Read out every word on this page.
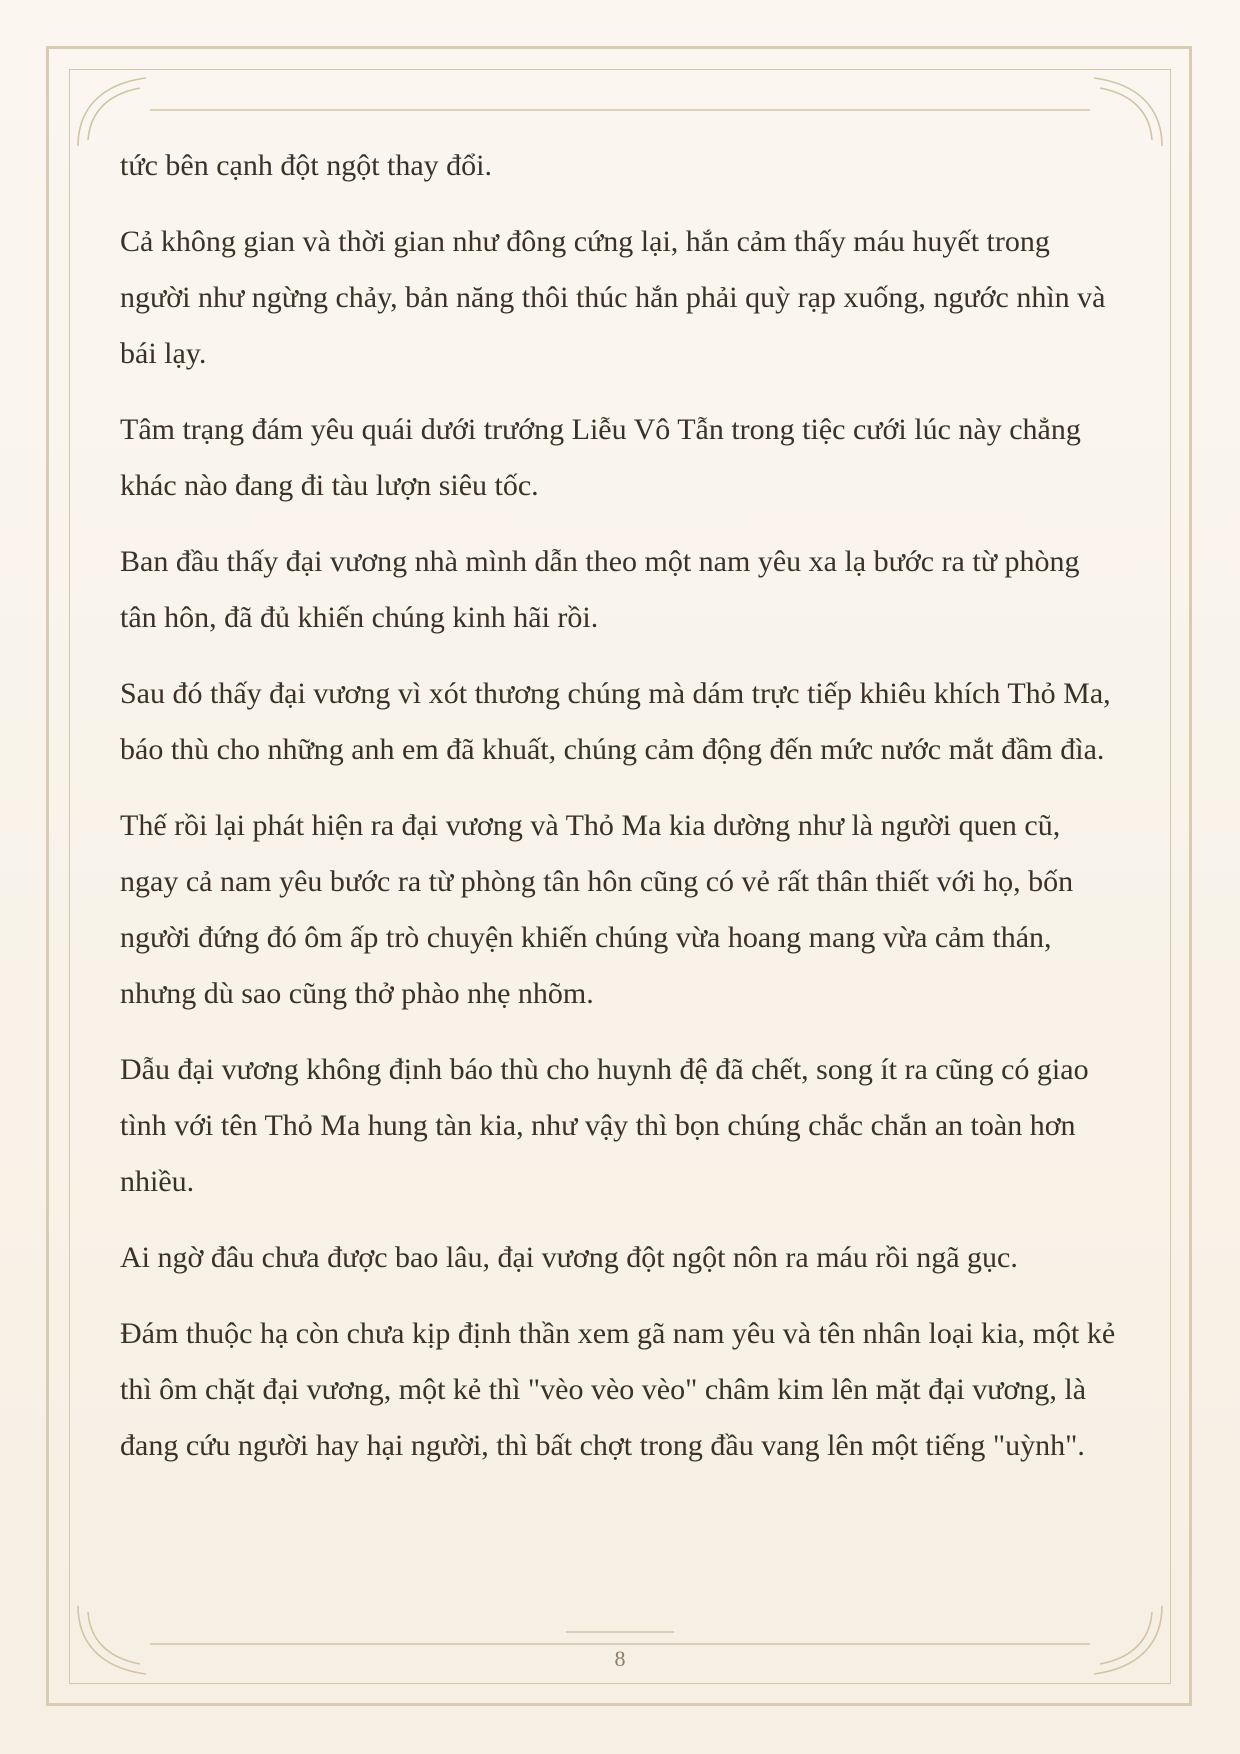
tức bên cạnh đột ngột thay đổi.

Cả không gian và thời gian như đông cứng lại, hắn cảm thấy máu huyết trong người như ngừng chảy, bản năng thôi thúc hắn phải quỳ rạp xuống, ngước nhìn và bái lạy.

Tâm trạng đám yêu quái dưới trướng Liễu Vô Tẫn trong tiệc cưới lúc này chẳng khác nào đang đi tàu lượn siêu tốc.

Ban đầu thấy đại vương nhà mình dẫn theo một nam yêu xa lạ bước ra từ phòng tân hôn, đã đủ khiến chúng kinh hãi rồi.

Sau đó thấy đại vương vì xót thương chúng mà dám trực tiếp khiêu khích Thỏ Ma, báo thù cho những anh em đã khuất, chúng cảm động đến mức nước mắt đầm đìa.

Thế rồi lại phát hiện ra đại vương và Thỏ Ma kia dường như là người quen cũ, ngay cả nam yêu bước ra từ phòng tân hôn cũng có vẻ rất thân thiết với họ, bốn người đứng đó ôm ấp trò chuyện khiến chúng vừa hoang mang vừa cảm thán, nhưng dù sao cũng thở phào nhẹ nhõm.

Dẫu đại vương không định báo thù cho huynh đệ đã chết, song ít ra cũng có giao tình với tên Thỏ Ma hung tàn kia, như vậy thì bọn chúng chắc chắn an toàn hơn nhiều.

Ai ngờ đâu chưa được bao lâu, đại vương đột ngột nôn ra máu rồi ngã gục.

Đám thuộc hạ còn chưa kịp định thần xem gã nam yêu và tên nhân loại kia, một kẻ thì ôm chặt đại vương, một kẻ thì "vèo vèo vèo" châm kim lên mặt đại vương, là đang cứu người hay hại người, thì bất chợt trong đầu vang lên một tiếng "uỳnh".

8
